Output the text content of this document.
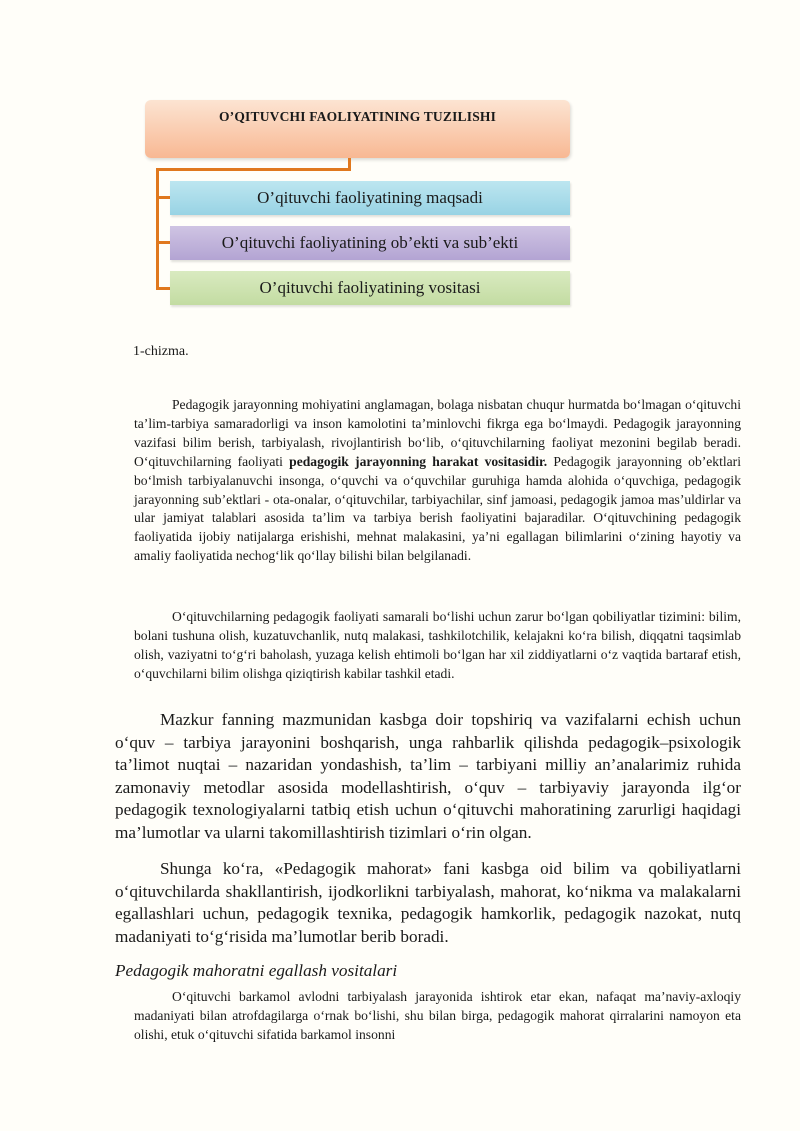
O’QITUVCHI FAOLIYATINING TUZILISHI
O’qituvchi faoliyatining maqsadi
O’qituvchi faoliyatining ob’ekti va sub’ekti
O’qituvchi faoliyatining vositasi
1-chizma.

Pedagogik jarayonning mohiyatini anglamagan, bolaga nisbatan chuqur hurmatda bo‘lmagan o‘qituvchi ta’lim-tarbiya samaradorligi va inson kamolotini ta’minlovchi fikrga ega bo‘lmaydi. Pedagogik jarayonning vazifasi bilim berish, tarbiyalash, rivojlantirish bo‘lib, o‘qituvchilarning faoliyat mezonini begilab beradi. O‘qituvchilarning faoliyati pedagogik jarayonning harakat vositasidir. Pedagogik jarayonning ob’ektlari bo‘lmish tarbiyalanuvchi insonga, o‘quvchi va o‘quvchilar guruhiga hamda alohida o‘quvchiga, pedagogik jarayonning sub’ektlari - ota-onalar, o‘qituvchilar, tarbiyachilar, sinf jamoasi, pedagogik jamoa mas’uldirlar va ular jamiyat talablari asosida ta’lim va tarbiya berish faoliyatini bajaradilar. O‘qituvchining pedagogik faoliyatida ijobiy natijalarga erishishi, mehnat malakasini, ya’ni egallagan bilimlarini o‘zining hayotiy va amaliy faoliyatida nechog‘lik qo‘llay bilishi bilan belgilanadi.

O‘qituvchilarning pedagogik faoliyati samarali bo‘lishi uchun zarur bo‘lgan qobiliyatlar tizimini: bilim, bolani tushuna olish, kuzatuvchanlik, nutq malakasi, tashkilotchilik, kelajakni ko‘ra bilish, diqqatni taqsimlab olish, vaziyatni to‘g‘ri baholash, yuzaga kelish ehtimoli bo‘lgan har xil ziddiyatlarni o‘z vaqtida bartaraf etish, o‘quvchilarni bilim olishga qiziqtirish kabilar tashkil etadi.

Mazkur fanning mazmunidan kasbga doir topshiriq va vazifalarni echish uchun o‘quv – tarbiya jarayonini boshqarish, unga rahbarlik qilishda pedagogik–psixologik ta’limot nuqtai – nazaridan yondashish, ta’lim – tarbiyani milliy an’analarimiz ruhida zamonaviy metodlar asosida modellashtirish, o‘quv – tarbiyaviy jarayonda ilg‘or pedagogik texnologiyalarni tatbiq etish uchun o‘qituvchi mahoratining zarurligi haqidagi ma’lumotlar va ularni takomillashtirish tizimlari o‘rin olgan.

Shunga ko‘ra, «Pedagogik mahorat» fani kasbga oid bilim va qobiliyatlarni o‘qituvchilarda shakllantirish, ijodkorlikni tarbiyalash, mahorat, ko‘nikma va malakalarni egallashlari uchun, pedagogik texnika, pedagogik hamkorlik, pedagogik nazokat, nutq madaniyati to‘g‘risida ma’lumotlar berib boradi.

Pedagogik mahoratni egallash vositalari

O‘qituvchi barkamol avlodni tarbiyalash jarayonida ishtirok etar ekan, nafaqat ma’naviy-axloqiy madaniyati bilan atrofdagilarga o‘rnak bo‘lishi, shu bilan birga, pedagogik mahorat qirralarini namoyon eta olishi, etuk o‘qituvchi sifatida barkamol insonni
